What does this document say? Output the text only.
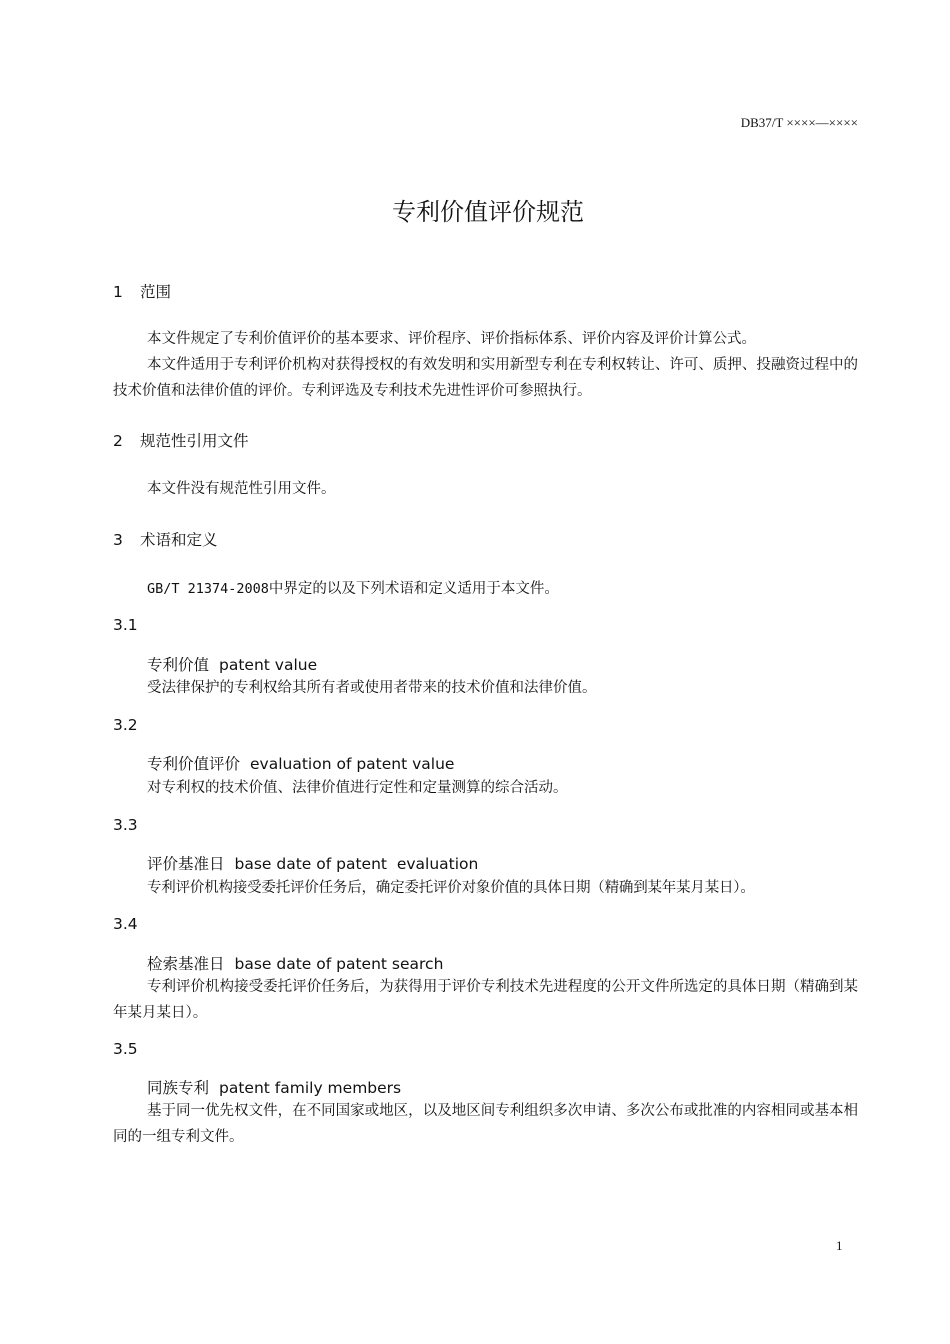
DB37/T ××××—××××
专利价值评价规范
1 范围
本文件规定了专利价值评价的基本要求、评价程序、评价指标体系、评价内容及评价计算公式。
本文件适用于专利评价机构对获得授权的有效发明和实用新型专利在专利权转让、许可、质押、投融资过程中的技术价值和法律价值的评价。专利评选及专利技术先进性评价可参照执行。
2 规范性引用文件
本文件没有规范性引用文件。
3 术语和定义
GB/T 21374-2008中界定的以及下列术语和定义适用于本文件。
3.1
专利价值 patent value
受法律保护的专利权给其所有者或使用者带来的技术价值和法律价值。
3.2
专利价值评价 evaluation of patent value
对专利权的技术价值、法律价值进行定性和定量测算的综合活动。
3.3
评价基准日 base date of patent  evaluation
专利评价机构接受委托评价任务后，确定委托评价对象价值的具体日期（精确到某年某月某日）。
3.4
检索基准日 base date of patent search
专利评价机构接受委托评价任务后，为获得用于评价专利技术先进程度的公开文件所选定的具体日期（精确到某年某月某日）。
3.5
同族专利 patent family members
基于同一优先权文件，在不同国家或地区，以及地区间专利组织多次申请、多次公布或批准的内容相同或基本相同的一组专利文件。
1
